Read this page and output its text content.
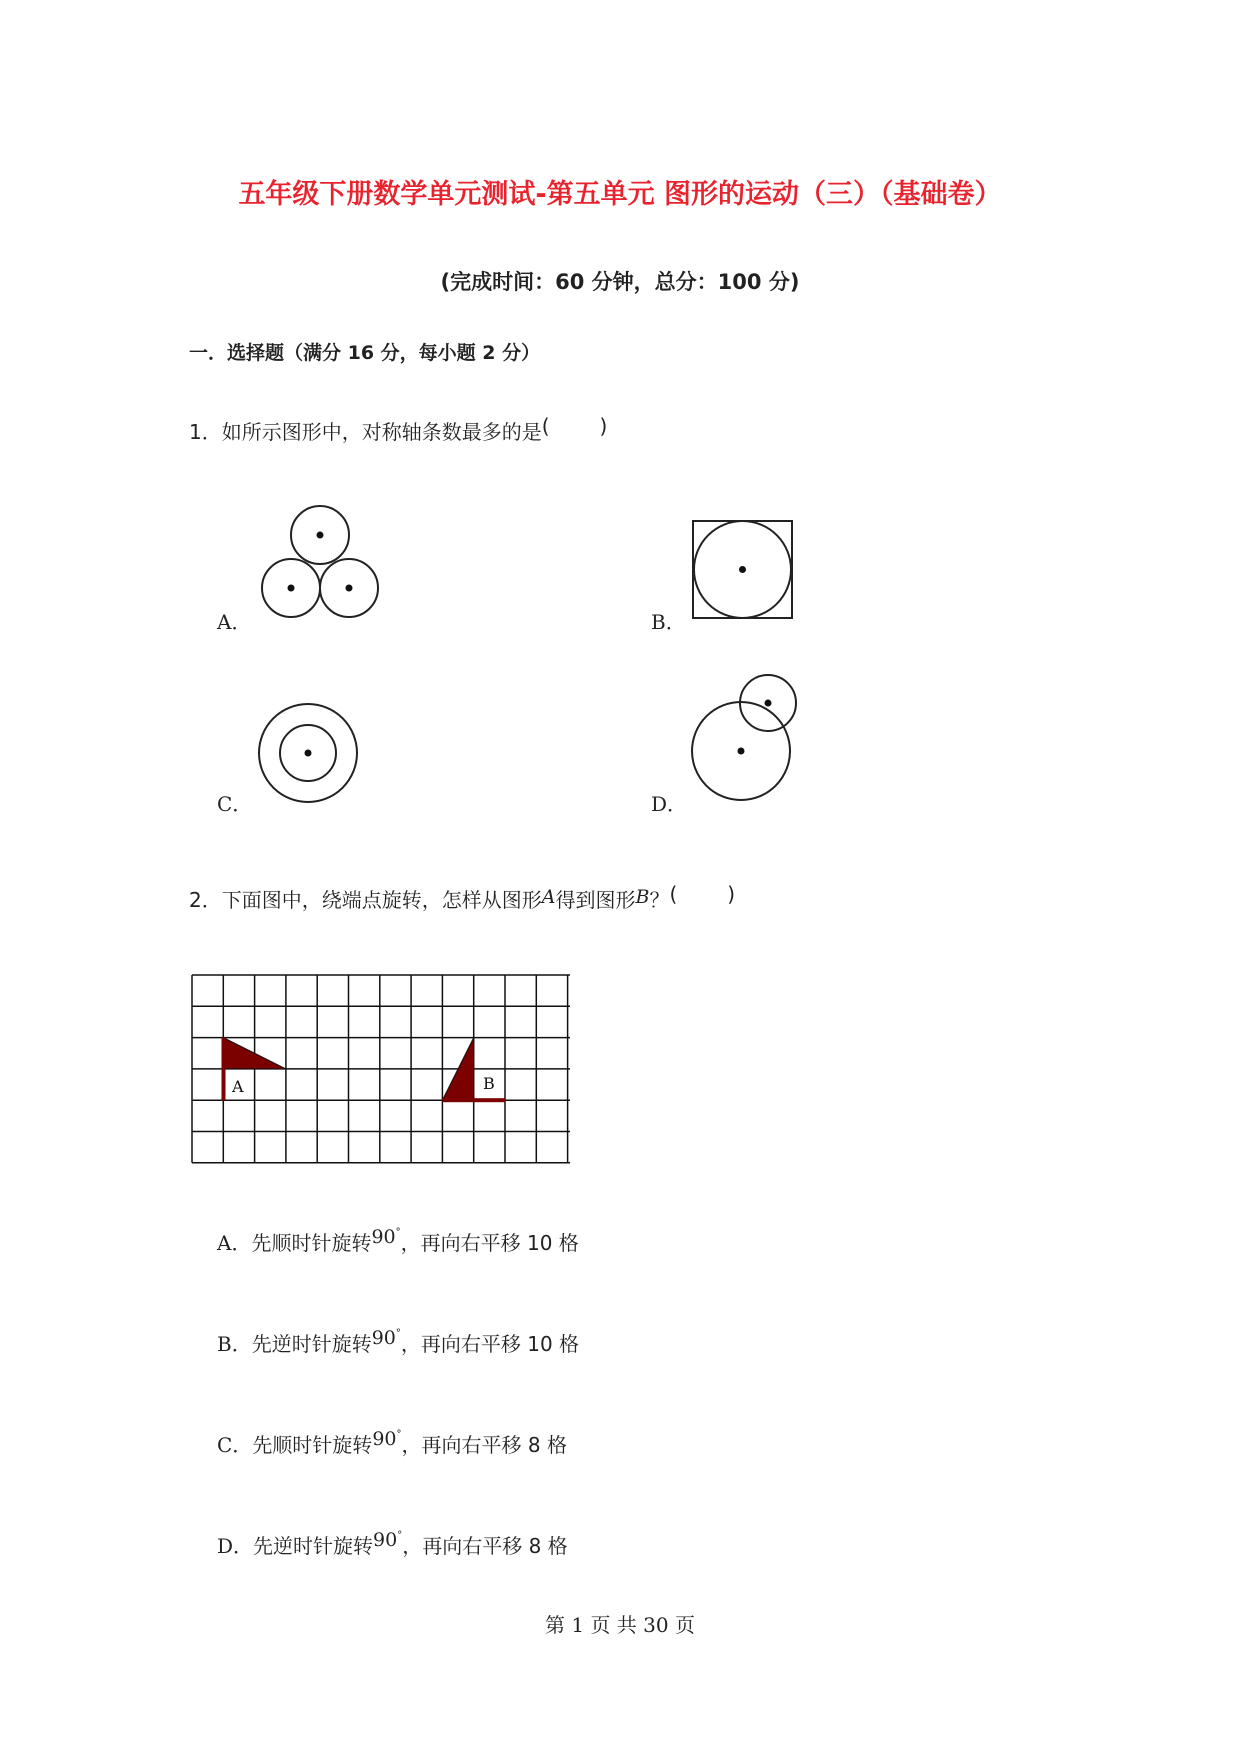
五年级下册数学单元测试-第五单元 图形的运动（三）（基础卷）
(完成时间：60 分钟，总分：100 分)
一．选择题（满分 16 分，每小题 2 分）
1．如所示图形中，对称轴条数最多的是(	)
A．	B．
C．	D．
2．下面图中，绕端点旋转，怎样从图形A得到图形B？(	)
A	B
A．先顺时针旋转90°，再向右平移 10 格
B．先逆时针旋转90°，再向右平移 10 格
C．先顺时针旋转90°，再向右平移 8 格
D．先逆时针旋转90°，再向右平移 8 格
第 1 页 共 30 页
